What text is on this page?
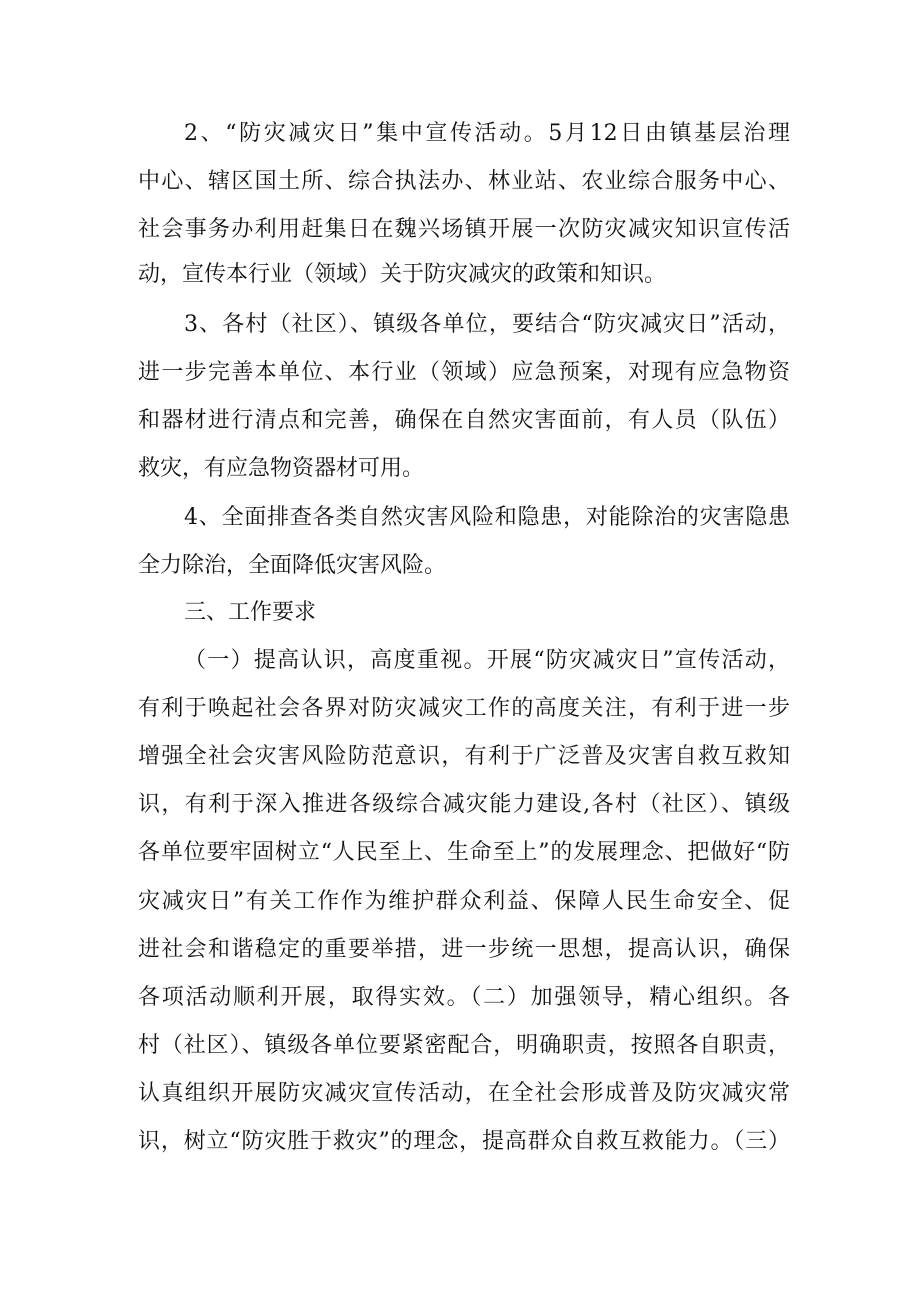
2、“防灾减灾日”集中宣传活动。5月12日由镇基层治理
中心、辖区国土所、综合执法办、林业站、农业综合服务中心、
社会事务办利用赶集日在魏兴场镇开展一次防灾减灾知识宣传活
动，宣传本行业（领域）关于防灾减灾的政策和知识。
3、各村（社区）、镇级各单位，要结合“防灾减灾日”活动，
进一步完善本单位、本行业（领域）应急预案，对现有应急物资
和器材进行清点和完善，确保在自然灾害面前，有人员（队伍）
救灾，有应急物资器材可用。
4、全面排查各类自然灾害风险和隐患，对能除治的灾害隐患
全力除治，全面降低灾害风险。
三、工作要求
（一）提高认识，高度重视。开展“防灾减灾日”宣传活动，
有利于唤起社会各界对防灾减灾工作的高度关注，有利于进一步
增强全社会灾害风险防范意识，有利于广泛普及灾害自救互救知
识，有利于深入推进各级综合减灾能力建设,各村（社区）、镇级
各单位要牢固树立“人民至上、生命至上”的发展理念、把做好“防
灾减灾日”有关工作作为维护群众利益、保障人民生命安全、促
进社会和谐稳定的重要举措，进一步统一思想，提高认识，确保
各项活动顺利开展，取得实效。（二）加强领导，精心组织。各
村（社区）、镇级各单位要紧密配合，明确职责，按照各自职责，
认真组织开展防灾减灾宣传活动，在全社会形成普及防灾减灾常
识，树立“防灾胜于救灾”的理念，提高群众自救互救能力。（三）
